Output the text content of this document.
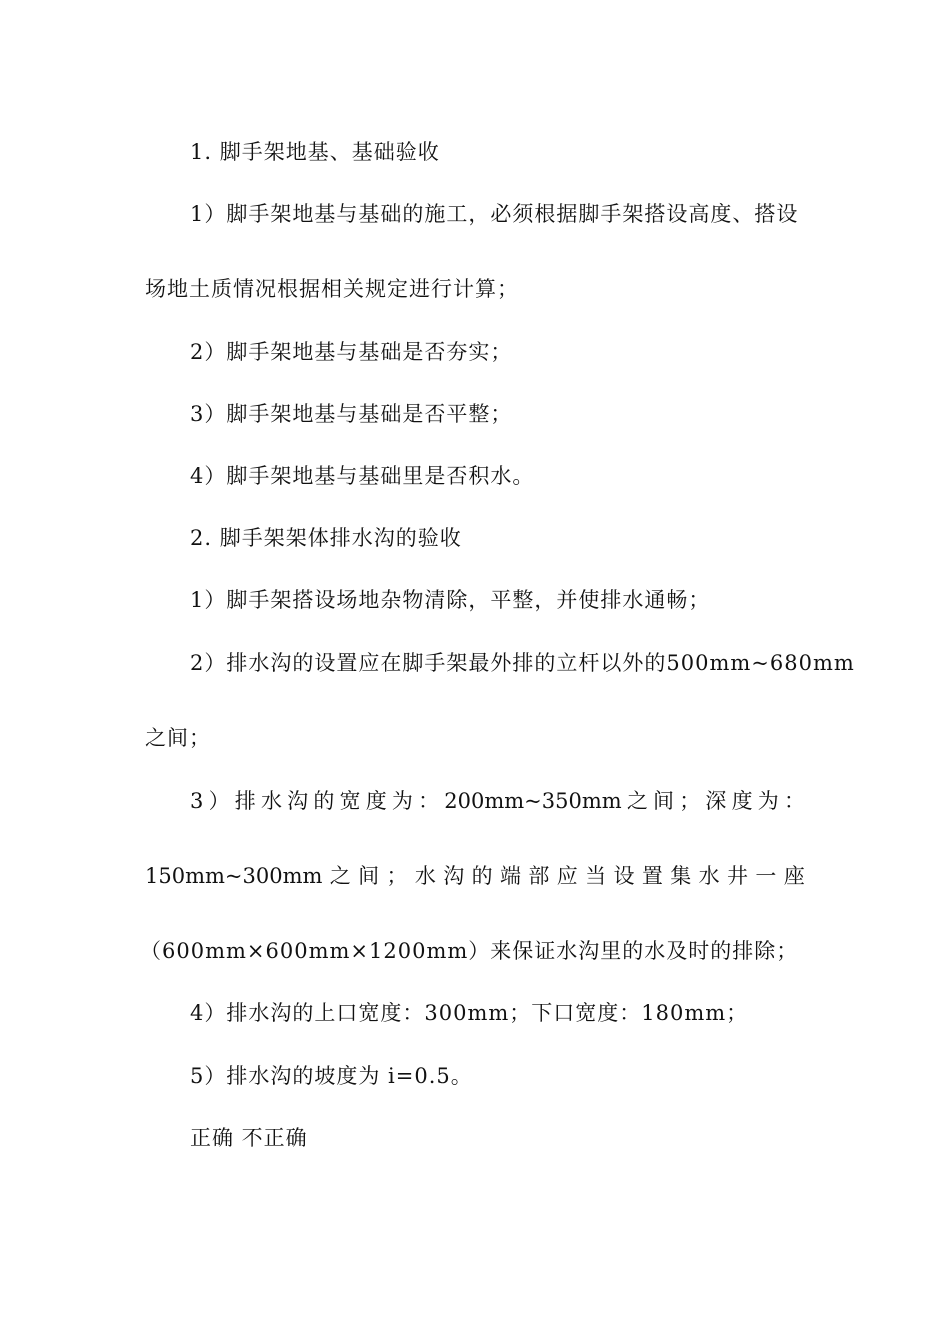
1. 脚手架地基、基础验收
1）脚手架地基与基础的施工，必须根据脚手架搭设高度、搭设
场地土质情况根据相关规定进行计算；
2）脚手架地基与基础是否夯实；
3）脚手架地基与基础是否平整；
4）脚手架地基与基础里是否积水。
2. 脚手架架体排水沟的验收
1）脚手架搭设场地杂物清除，平整，并使排水通畅；
2）排水沟的设置应在脚手架最外排的立杆以外的500mm~680mm
之间；
3 ） 排 水 沟 的 宽 度 为 ： 200mm~350mm 之 间 ； 深 度 为 ：
150mm~300mm 之 间 ； 水 沟 的 端 部 应 当 设 置 集 水 井 一 座
（600mm×600mm×1200mm）来保证水沟里的水及时的排除；
4）排水沟的上口宽度：300mm；下口宽度：180mm；
5）排水沟的坡度为 i=0.5。
正确 不正确
